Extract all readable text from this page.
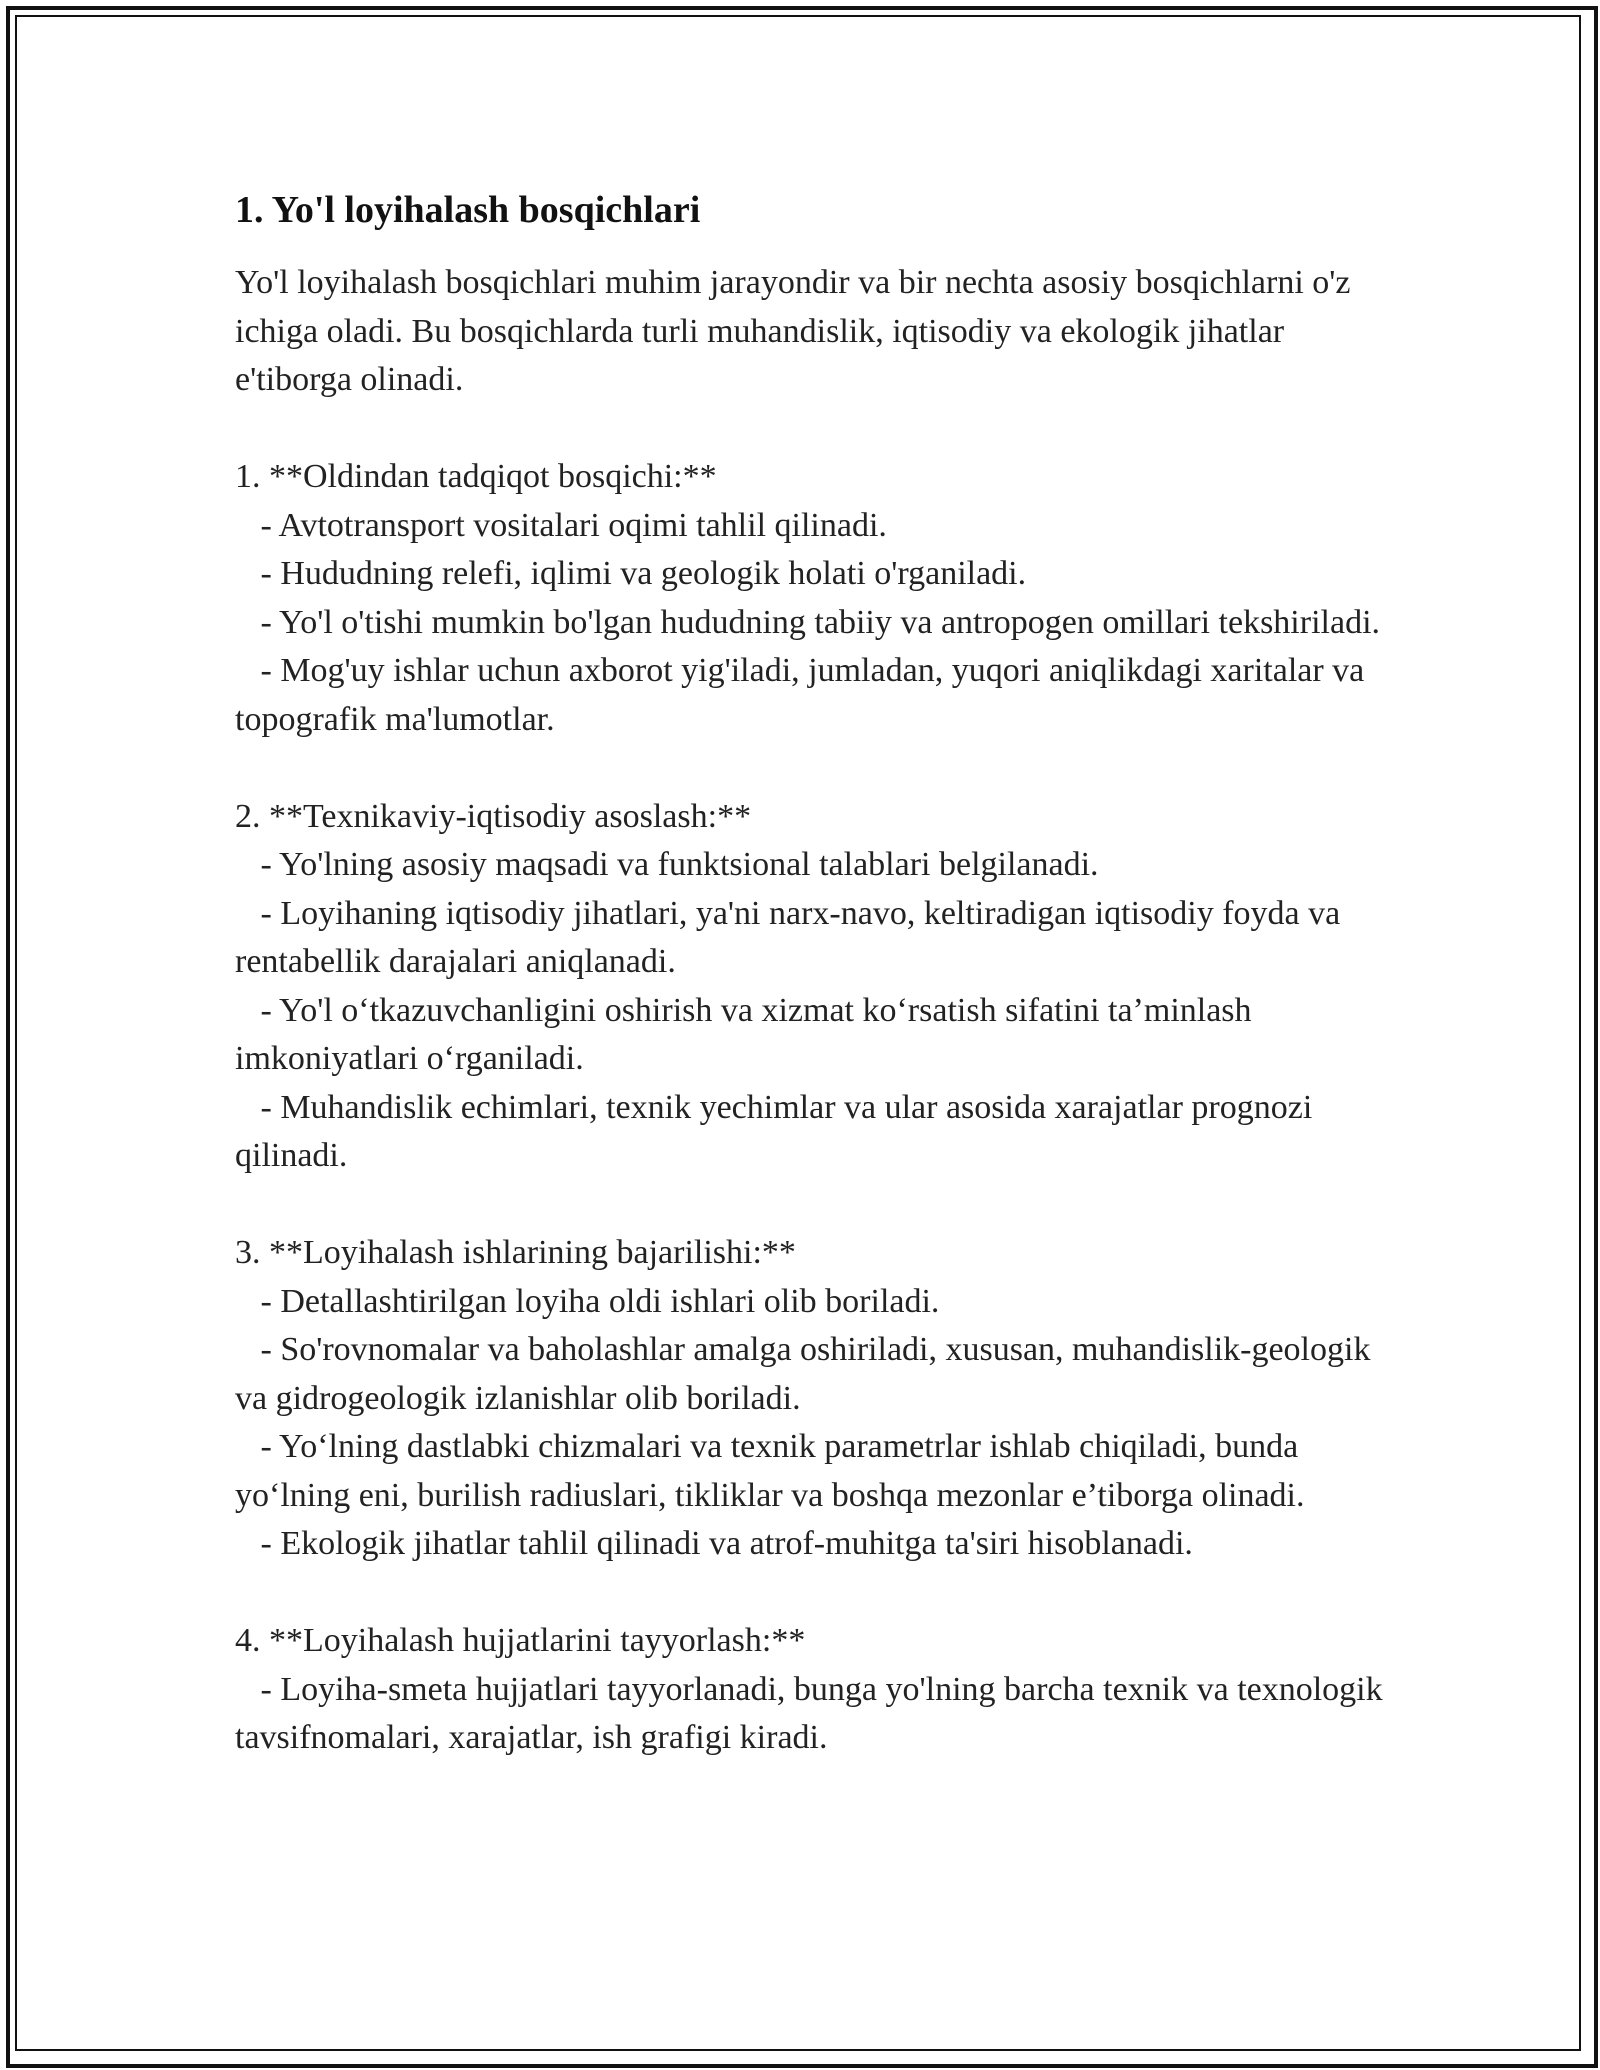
1. Yo'l loyihalash bosqichlari

Yo'l loyihalash bosqichlari muhim jarayondir va bir nechta asosiy bosqichlarni o'z ichiga oladi. Bu bosqichlarda turli muhandislik, iqtisodiy va ekologik jihatlar e'tiborga olinadi.

1. **Oldindan tadqiqot bosqichi:**
- Avtotransport vositalari oqimi tahlil qilinadi.
- Hududning relefi, iqlimi va geologik holati o'rganiladi.
- Yo'l o'tishi mumkin bo'lgan hududning tabiiy va antropogen omillari tekshiriladi.
- Mog'uy ishlar uchun axborot yig'iladi, jumladan, yuqori aniqlikdagi xaritalar va topografik ma'lumotlar.
2. **Texnikaviy-iqtisodiy asoslash:**
- Yo'lning asosiy maqsadi va funktsional talablari belgilanadi.
- Loyihaning iqtisodiy jihatlari, ya'ni narx-navo, keltiradigan iqtisodiy foyda va rentabellik darajalari aniqlanadi.
- Yo'l o‘tkazuvchanligini oshirish va xizmat ko‘rsatish sifatini ta’minlash imkoniyatlari o‘rganiladi.
- Muhandislik echimlari, texnik yechimlar va ular asosida xarajatlar prognozi qilinadi.
3. **Loyihalash ishlarining bajarilishi:**
- Detallashtirilgan loyiha oldi ishlari olib boriladi.
- So'rovnomalar va baholashlar amalga oshiriladi, xususan, muhandislik-geologik va gidrogeologik izlanishlar olib boriladi.
- Yo‘lning dastlabki chizmalari va texnik parametrlar ishlab chiqiladi, bunda yo‘lning eni, burilish radiuslari, tikliklar va boshqa mezonlar e’tiborga olinadi.
- Ekologik jihatlar tahlil qilinadi va atrof-muhitga ta'siri hisoblanadi.
4. **Loyihalash hujjatlarini tayyorlash:**
- Loyiha-smeta hujjatlari tayyorlanadi, bunga yo'lning barcha texnik va texnologik tavsifnomalari, xarajatlar, ish grafigi kiradi.
